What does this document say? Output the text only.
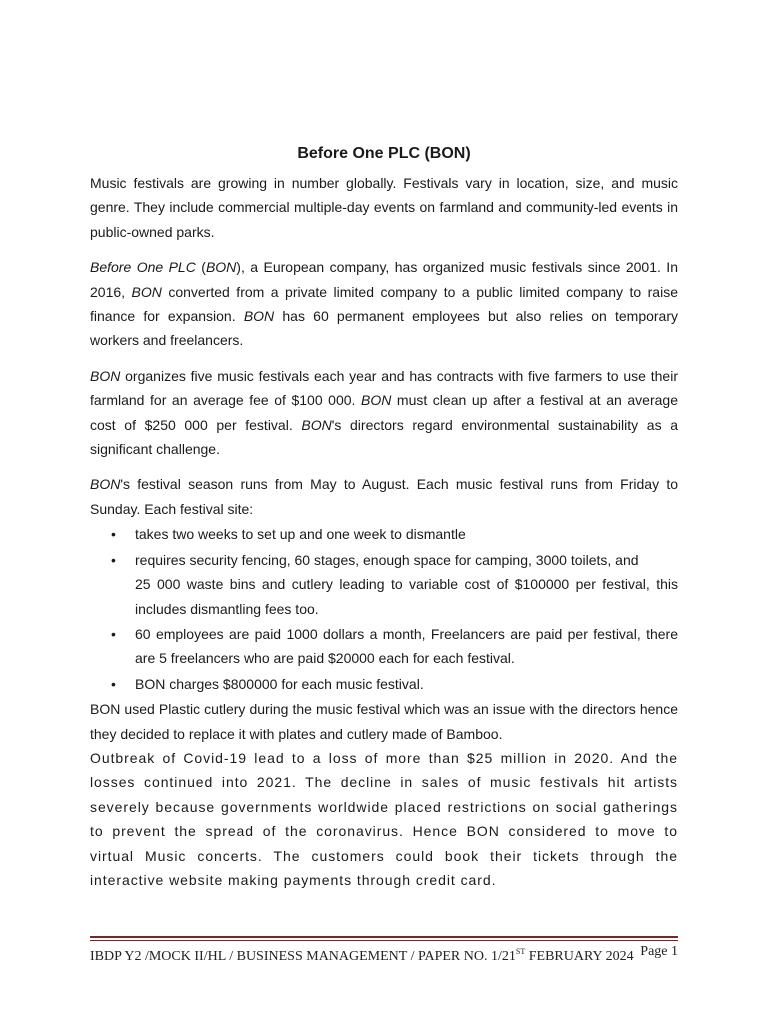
Before One PLC (BON)

Music festivals are growing in number globally. Festivals vary in location, size, and music genre. They include commercial multiple-day events on farmland and community-led events in public-owned parks.

Before One PLC (BON), a European company, has organized music festivals since 2001. In 2016, BON converted from a private limited company to a public limited company to raise finance for expansion. BON has 60 permanent employees but also relies on temporary workers and freelancers.

BON organizes five music festivals each year and has contracts with five farmers to use their farmland for an average fee of $100 000. BON must clean up after a festival at an average cost of $250 000 per festival. BON's directors regard environmental sustainability as a significant challenge.

BON's festival season runs from May to August. Each music festival runs from Friday to Sunday. Each festival site:

• takes two weeks to set up and one week to dismantle
• requires security fencing, 60 stages, enough space for camping, 3000 toilets, and
25 000 waste bins and cutlery leading to variable cost of $100000 per festival, this includes dismantling fees too.
• 60 employees are paid 1000 dollars a month, Freelancers are paid per festival, there are 5 freelancers who are paid $20000 each for each festival.
• BON charges $800000 for each music festival.

BON used Plastic cutlery during the music festival which was an issue with the directors hence they decided to replace it with plates and cutlery made of Bamboo.

Outbreak of Covid-19 lead to a loss of more than $25 million in 2020. And the losses continued into 2021. The decline in sales of music festivals hit artists severely because governments worldwide placed restrictions on social gatherings to prevent the spread of the coronavirus. Hence BON considered to move to virtual Music concerts. The customers could book their tickets through the interactive website making payments through credit card.

IBDP Y2 /MOCK II/HL / BUSINESS MANAGEMENT / PAPER NO. 1/21ST FEBRUARY 2024 Page 1
